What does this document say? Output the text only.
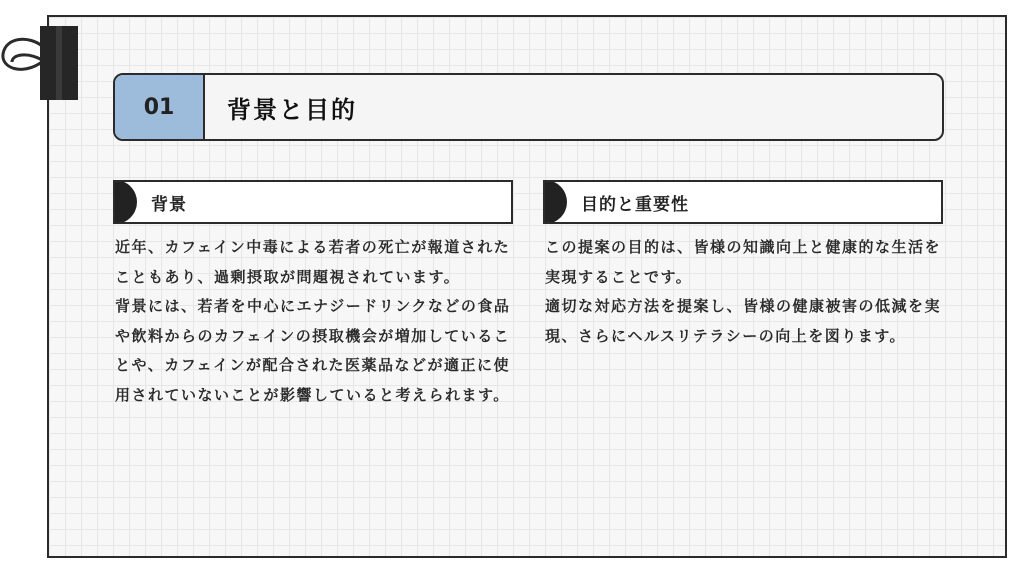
01	背景と目的
背景	目的と重要性

近年、カフェイン中毒による若者の死亡が報道されたこともあり、過剰摂取が問題視されています。

背景には、若者を中心にエナジードリンクなどの食品や飲料からのカフェインの摂取機会が増加していることや、カフェインが配合された医薬品などが適正に使用されていないことが影響していると考えられます。

この提案の目的は、皆様の知識向上と健康的な生活を実現することです。

適切な対応方法を提案し、皆様の健康被害の低減を実現、さらにヘルスリテラシーの向上を図ります。
